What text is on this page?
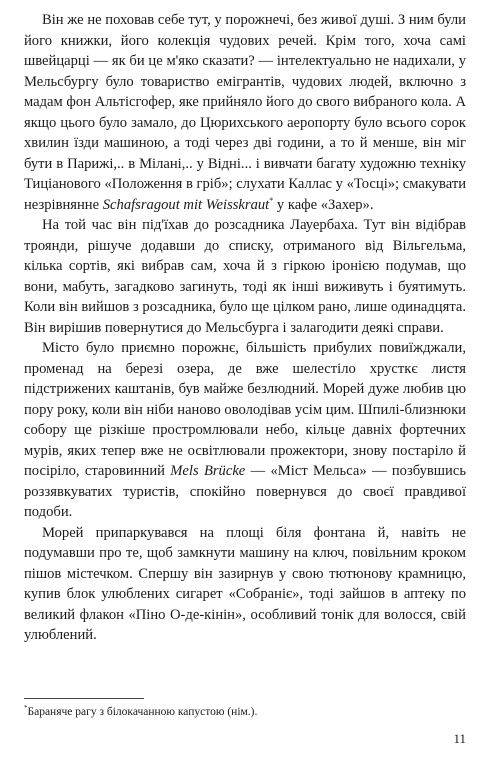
Він же не поховав себе тут, у порожнечі, без живої душі. З ним були його книжки, його колекція чудових речей. Крім того, хоча самі швейцарці — як би це м'яко сказати? — інтелектуально не надихали, у Мельсбургу було товариство емігрантів, чудових людей, включно з мадам фон Альтісгофер, яке прийняло його до свого вибраного кола. А якщо цього було замало, до Цюрихського аеропорту було всього сорок хвилин їзди машиною, а тоді через дві години, а то й менше, він міг бути в Парижі,.. в Мілані,.. у Відні... і вивчати багату художню техніку Тиціанового «Положення в гріб»; слухати Каллас у «Тосці»; смакувати незрівнянне Schafsragout mit Weisskraut* у кафе «Захер».

На той час він під'їхав до розсадника Лауербаха. Тут він відібрав троянди, рішуче додавши до списку, отриманого від Вільгельма, кілька сортів, які вибрав сам, хоча й з гіркою іронією подумав, що вони, мабуть, загадково загинуть, тоді як інші виживуть і буятимуть. Коли він вийшов з розсадника, було ще цілком рано, лише одинадцята. Він вирішив повернутися до Мельсбурга і залагодити деякі справи.

Місто було приємно порожнє, більшість прибулих повиїжджали, променад на березі озера, де вже шелестіло хрусткє листя підстрижених каштанів, був майже безлюдний. Морей дуже любив цю пору року, коли він ніби наново оволодівав усім цим. Шпилі-близнюки собору ще різкіше простромлювали небо, кільце давніх фортечних мурів, яких тепер вже не освітлювали прожектори, знову постаріло й посіріло, старовинний Mels Brücke — «Міст Мельса» — позбувшись роззявкуватих туристів, спокійно повернувся до своєї правдивої подоби.

Морей припаркувався на площі біля фонтана й, навіть не подумавши про те, щоб замкнути машину на ключ, повільним кроком пішов містечком. Спершу він зазирнув у свою тютюнову крамницю, купив блок улюблених сигарет «Собраніє», тоді зайшов в аптеку по великий флакон «Піно О-де-кінін», особливий тонік для волосся, свій улюблений.

*Бараняче рагу з білокачанною капустою (нім.).
11
